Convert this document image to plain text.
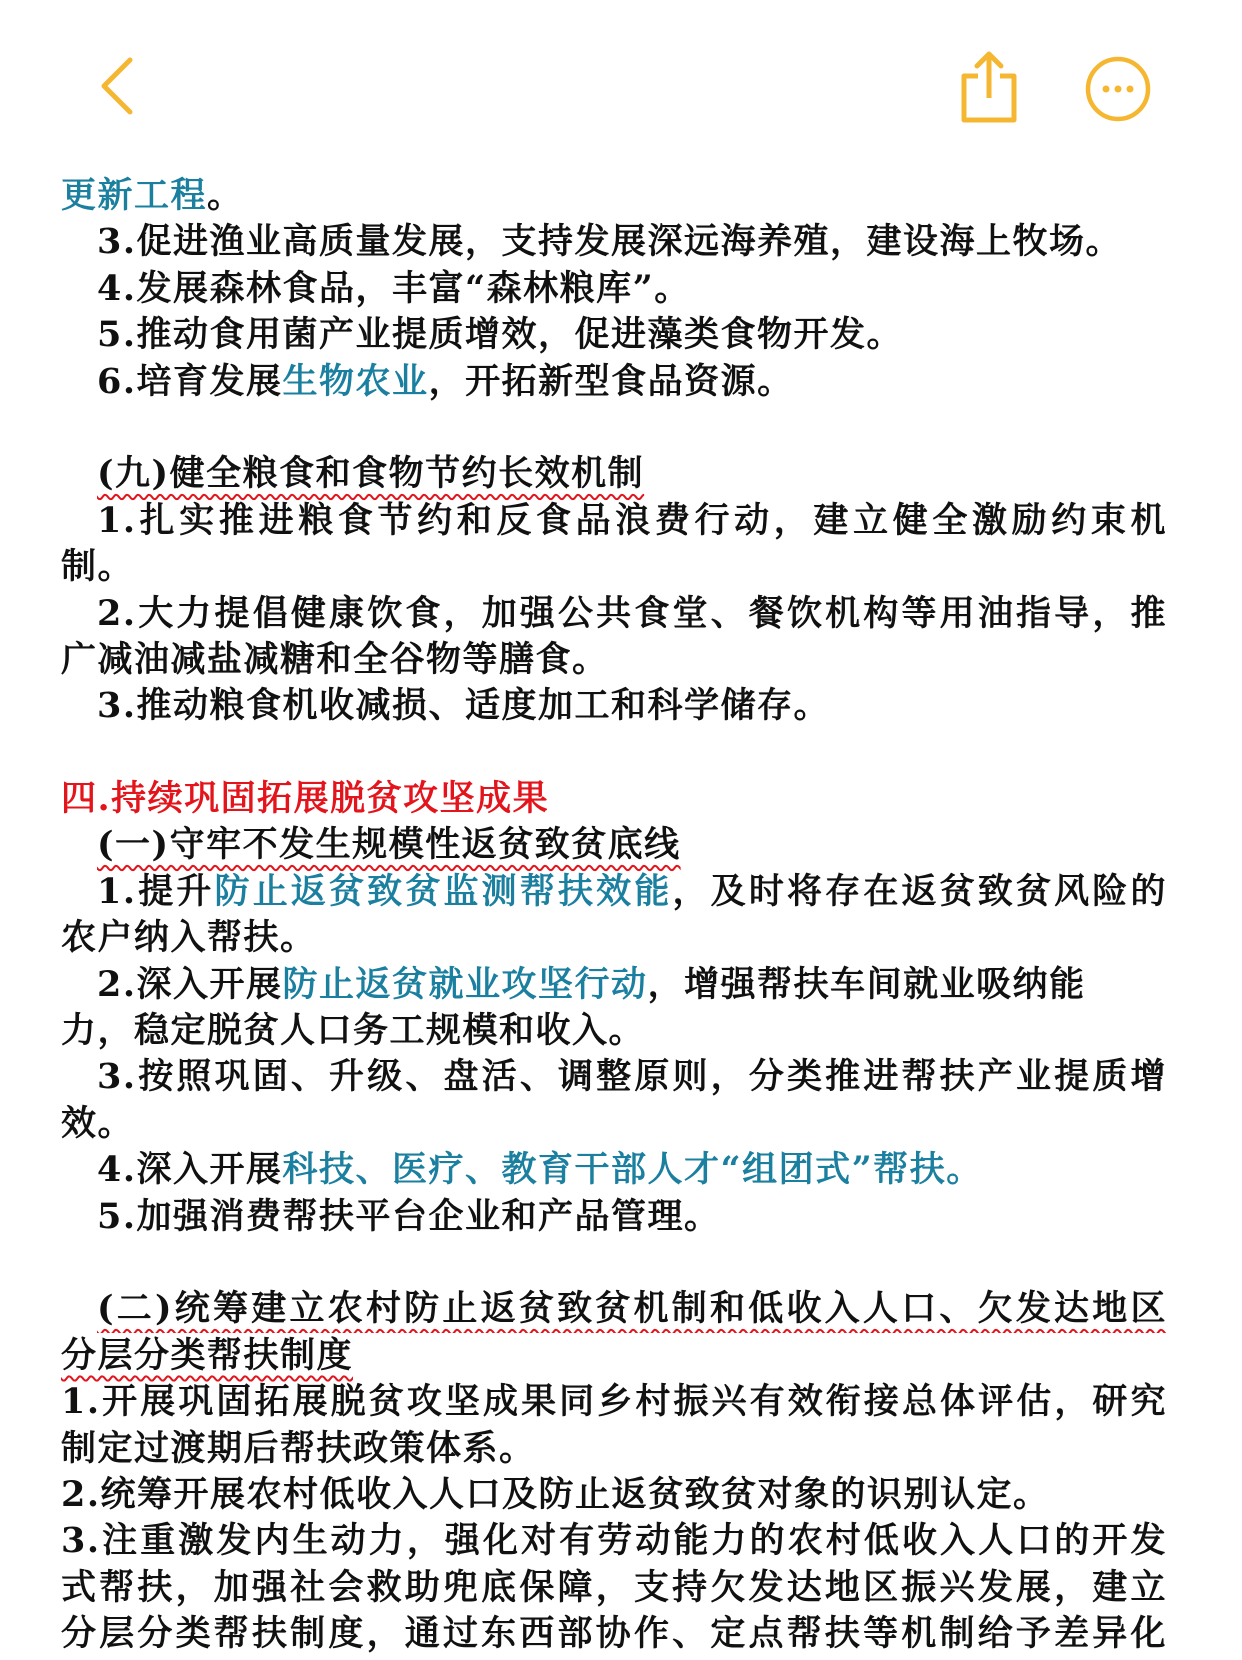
更新工程。
3.促进渔业高质量发展，支持发展深远海养殖，建设海上牧场。
4.发展森林食品，丰富“森林粮库”。
5.推动食用菌产业提质增效，促进藻类食物开发。
6.培育发展生物农业，开拓新型食品资源。
(九)健全粮食和食物节约长效机制
1.扎实推进粮食节约和反食品浪费行动，建立健全激励约束机
制。
2.大力提倡健康饮食，加强公共食堂、餐饮机构等用油指导，推
广减油减盐减糖和全谷物等膳食。
3.推动粮食机收减损、适度加工和科学储存。
四.持续巩固拓展脱贫攻坚成果
(一)守牢不发生规模性返贫致贫底线
1.提升防止返贫致贫监测帮扶效能，及时将存在返贫致贫风险的
农户纳入帮扶。
2.深入开展防止返贫就业攻坚行动，增强帮扶车间就业吸纳能
力，稳定脱贫人口务工规模和收入。
3.按照巩固、升级、盘活、调整原则，分类推进帮扶产业提质增
效。
4.深入开展科技、医疗、教育干部人才“组团式”帮扶。
5.加强消费帮扶平台企业和产品管理。
(二)统筹建立农村防止返贫致贫机制和低收入人口、欠发达地区
分层分类帮扶制度
1.开展巩固拓展脱贫攻坚成果同乡村振兴有效衔接总体评估，研究
制定过渡期后帮扶政策体系。
2.统筹开展农村低收入人口及防止返贫致贫对象的识别认定。
3.注重激发内生动力，强化对有劳动能力的农村低收入人口的开发
式帮扶，加强社会救助兜底保障，支持欠发达地区振兴发展，建立
分层分类帮扶制度，通过东西部协作、定点帮扶等机制给予差异化
